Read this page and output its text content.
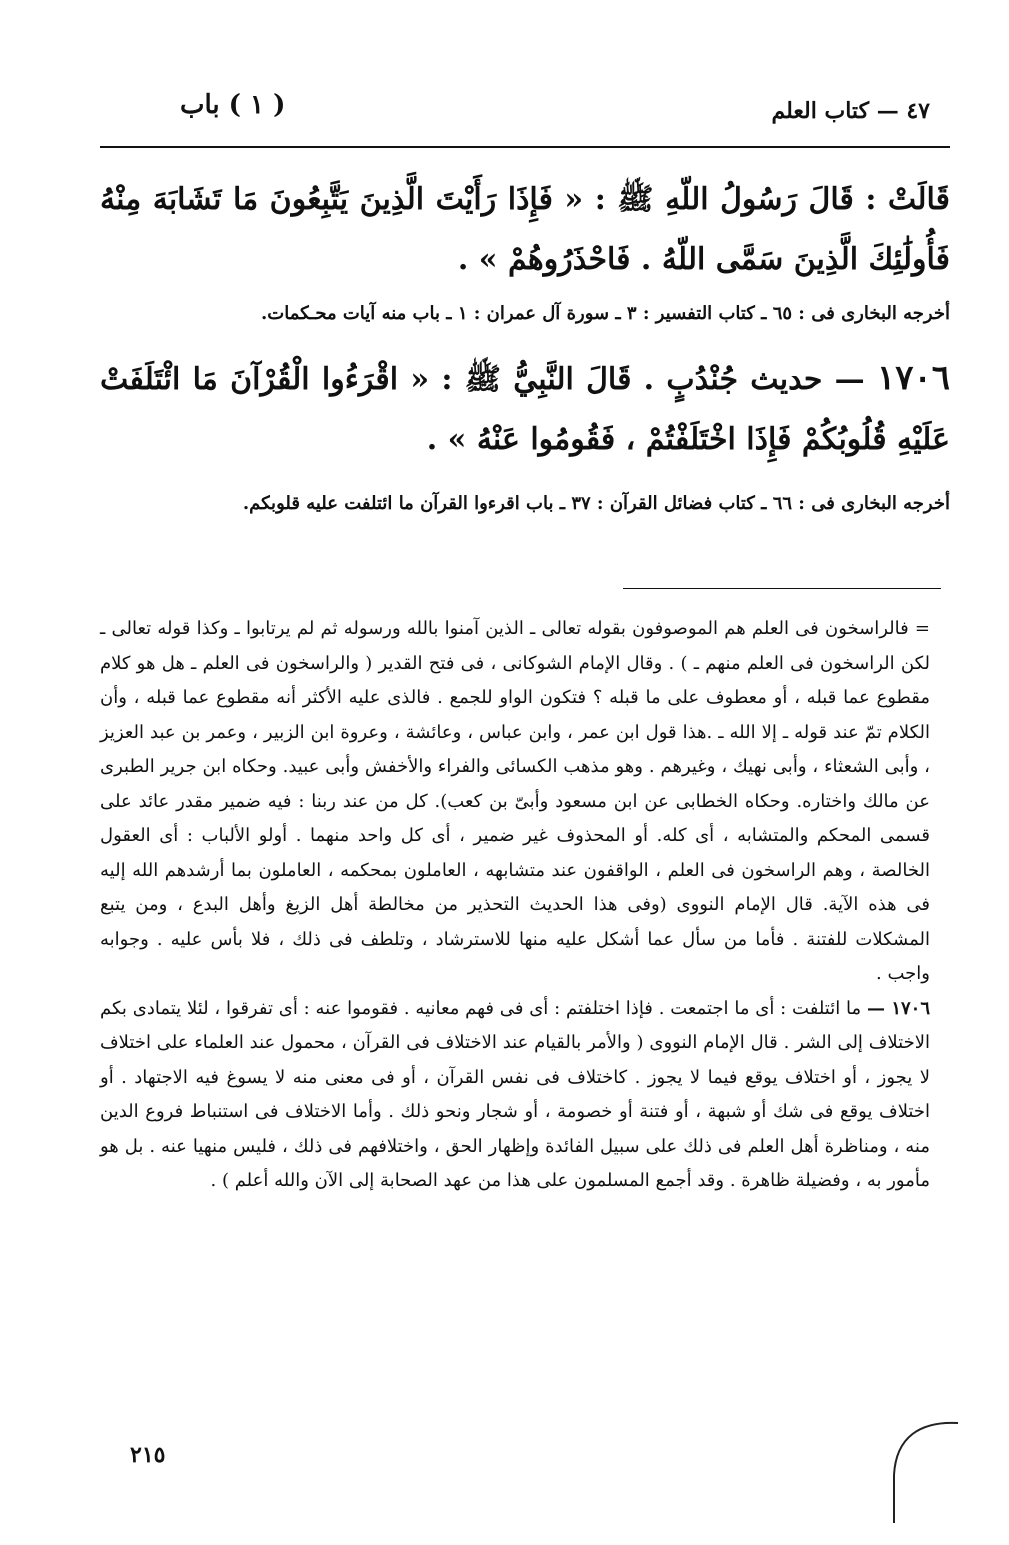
( ١ ) باب	٤٧ — كتاب العلم
قَالَتْ : قَالَ رَسُولُ اللّهِ ﷺ : « فَإِذَا رَأَيْتَ الَّذِينَ يَتَّبِعُونَ مَا تَشَابَهَ مِنْهُ فَأُولَٰئِكَ الَّذِينَ سَمَّى اللّهُ . فَاحْذَرُوهُمْ » .
أخرجه البخارى فى : ٦٥ ـ كتاب التفسير : ٣ ـ سورة آل عمران : ١ ـ باب منه آيات محـكمات.
١٧٠٦ — حديث جُنْدُبٍ . قَالَ النَّبِيُّ ﷺ : « اقْرَءُوا الْقُرْآنَ مَا ائْتَلَفَتْ عَلَيْهِ قُلُوبُكُمْ فَإِذَا اخْتَلَفْتُمْ ، فَقُومُوا عَنْهُ » .
أخرجه البخارى فى : ٦٦ ـ كتاب فضائل القرآن : ٣٧ ـ باب اقرءوا القرآن ما ائتلفت عليه قلوبكم.

= فالراسخون فى العلم هم الموصوفون بقوله تعالى ـ الذين آمنوا بالله ورسوله ثم لم يرتابوا ـ وكذا قوله تعالى ـ لكن الراسخون فى العلم منهم ـ ) . وقال الإمام الشوكانى ، فى فتح القدير ( والراسخون فى العلم ـ هل هو كلام مقطوع عما قبله ، أو معطوف على ما قبله ؟ فتكون الواو للجمع . فالذى عليه الأكثر أنه مقطوع عما قبله ، وأن الكلام تمّ عند قوله ـ إلا الله ـ .هذا قول ابن عمر ، وابن عباس ، وعائشة ، وعروة ابن الزبير ، وعمر بن عبد العزيز ، وأبى الشعثاء ، وأبى نهيك ، وغيرهم . وهو مذهب الكسائى والفراء والأخفش وأبى عبيد. وحكاه ابن جرير الطبرى عن مالك واختاره. وحكاه الخطابى عن ابن مسعود وأبىّ بن كعب). كل من عند ربنا : فيه ضمير مقدر عائد على قسمى المحكم والمتشابه ، أى كله. أو المحذوف غير ضمير ، أى كل واحد منهما . أولو الألباب : أى العقول الخالصة ، وهم الراسخون فى العلم ، الواقفون عند متشابهه ، العاملون بمحكمه ، العاملون بما أرشدهم الله إليه فى هذه الآية. قال الإمام النووى (وفى هذا الحديث التحذير من مخالطة أهل الزيغ وأهل البدع ، ومن يتبع المشكلات للفتنة . فأما من سأل عما أشكل عليه منها للاسترشاد ، وتلطف فى ذلك ، فلا بأس عليه . وجوابه واجب .

١٧٠٦ — ما ائتلفت : أى ما اجتمعت . فإذا اختلفتم : أى فى فهم معانيه . فقوموا عنه : أى تفرقوا ، لئلا يتمادى بكم الاختلاف إلى الشر . قال الإمام النووى ( والأمر بالقيام عند الاختلاف فى القرآن ، محمول عند العلماء على اختلاف لا يجوز ، أو اختلاف يوقع فيما لا يجوز . كاختلاف فى نفس القرآن ، أو فى معنى منه لا يسوغ فيه الاجتهاد . أو اختلاف يوقع فى شك أو شبهة ، أو فتنة أو خصومة ، أو شجار ونحو ذلك . وأما الاختلاف فى استنباط فروع الدين منه ، ومناظرة أهل العلم فى ذلك على سبيل الفائدة وإظهار الحق ، واختلافهم فى ذلك ، فليس منهيا عنه . بل هو مأمور به ، وفضيلة ظاهرة . وقد أجمع المسلمون على هذا من عهد الصحابة إلى الآن والله أعلم ) .

٢١٥
